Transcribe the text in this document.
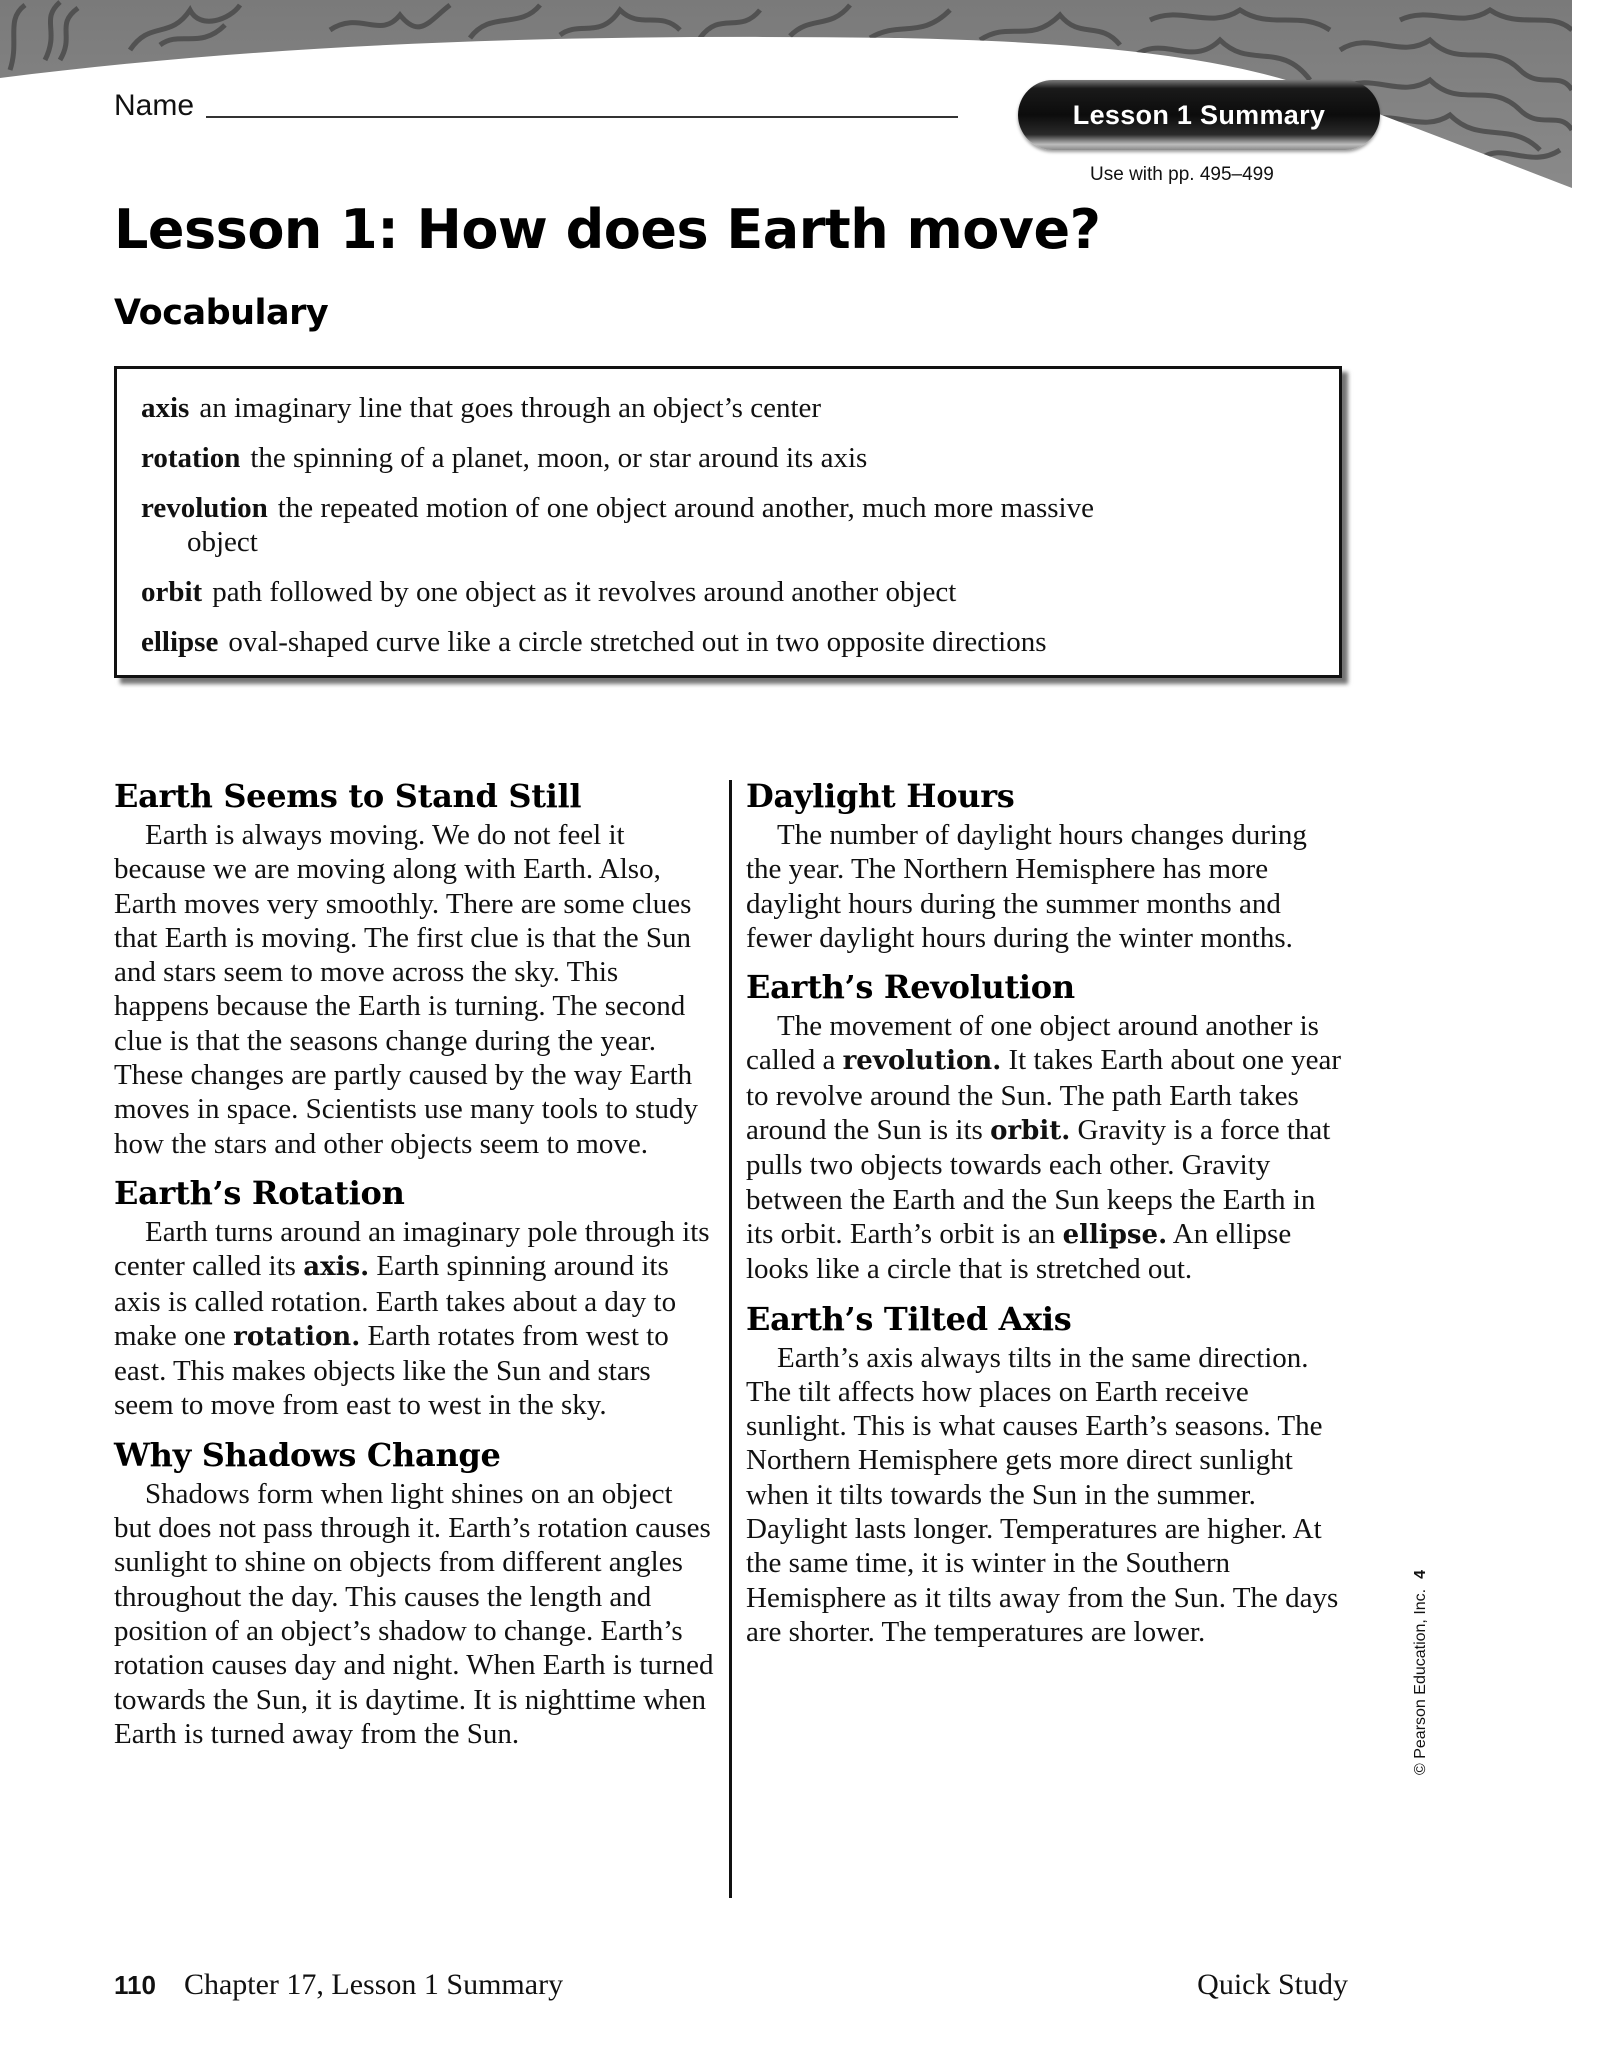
Name	Lesson 1 Summary
Use with pp. 495–499
Lesson 1: How does Earth move?
Vocabulary
axis an imaginary line that goes through an object’s center
rotation the spinning of a planet, moon, or star around its axis
revolution the repeated motion of one object around another, much more massive object
orbit path followed by one object as it revolves around another object
ellipse oval-shaped curve like a circle stretched out in two opposite directions
Earth Seems to Stand Still

Earth is always moving. We do not feel it because we are moving along with Earth. Also, Earth moves very smoothly. There are some clues that Earth is moving. The first clue is that the Sun and stars seem to move across the sky. This happens because the Earth is turning. The second clue is that the seasons change during the year. These changes are partly caused by the way Earth moves in space. Scientists use many tools to study how the stars and other objects seem to move.

Earth’s Rotation

Earth turns around an imaginary pole through its center called its axis. Earth spinning around its axis is called rotation. Earth takes about a day to make one rotation. Earth rotates from west to east. This makes objects like the Sun and stars seem to move from east to west in the sky.

Why Shadows Change

Shadows form when light shines on an object but does not pass through it. Earth’s rotation causes sunlight to shine on objects from different angles throughout the day. This causes the length and position of an object’s shadow to change. Earth’s rotation causes day and night. When Earth is turned towards the Sun, it is daytime. It is nighttime when Earth is turned away from the Sun.

Daylight Hours

The number of daylight hours changes during the year. The Northern Hemisphere has more daylight hours during the summer months and fewer daylight hours during the winter months.

Earth’s Revolution

The movement of one object around another is called a revolution. It takes Earth about one year to revolve around the Sun. The path Earth takes around the Sun is its orbit. Gravity is a force that pulls two objects towards each other. Gravity between the Earth and the Sun keeps the Earth in its orbit. Earth’s orbit is an ellipse. An ellipse looks like a circle that is stretched out.

Earth’s Tilted Axis

Earth’s axis always tilts in the same direction. The tilt affects how places on Earth receive sunlight. This is what causes Earth’s seasons. The Northern Hemisphere gets more direct sunlight when it tilts towards the Sun in the summer. Daylight lasts longer. Temperatures are higher. At the same time, it is winter in the Southern Hemisphere as it tilts away from the Sun. The days are shorter. The temperatures are lower.	© Pearson Education, Inc.4
110 Chapter 17, Lesson 1 Summary	Quick Study
